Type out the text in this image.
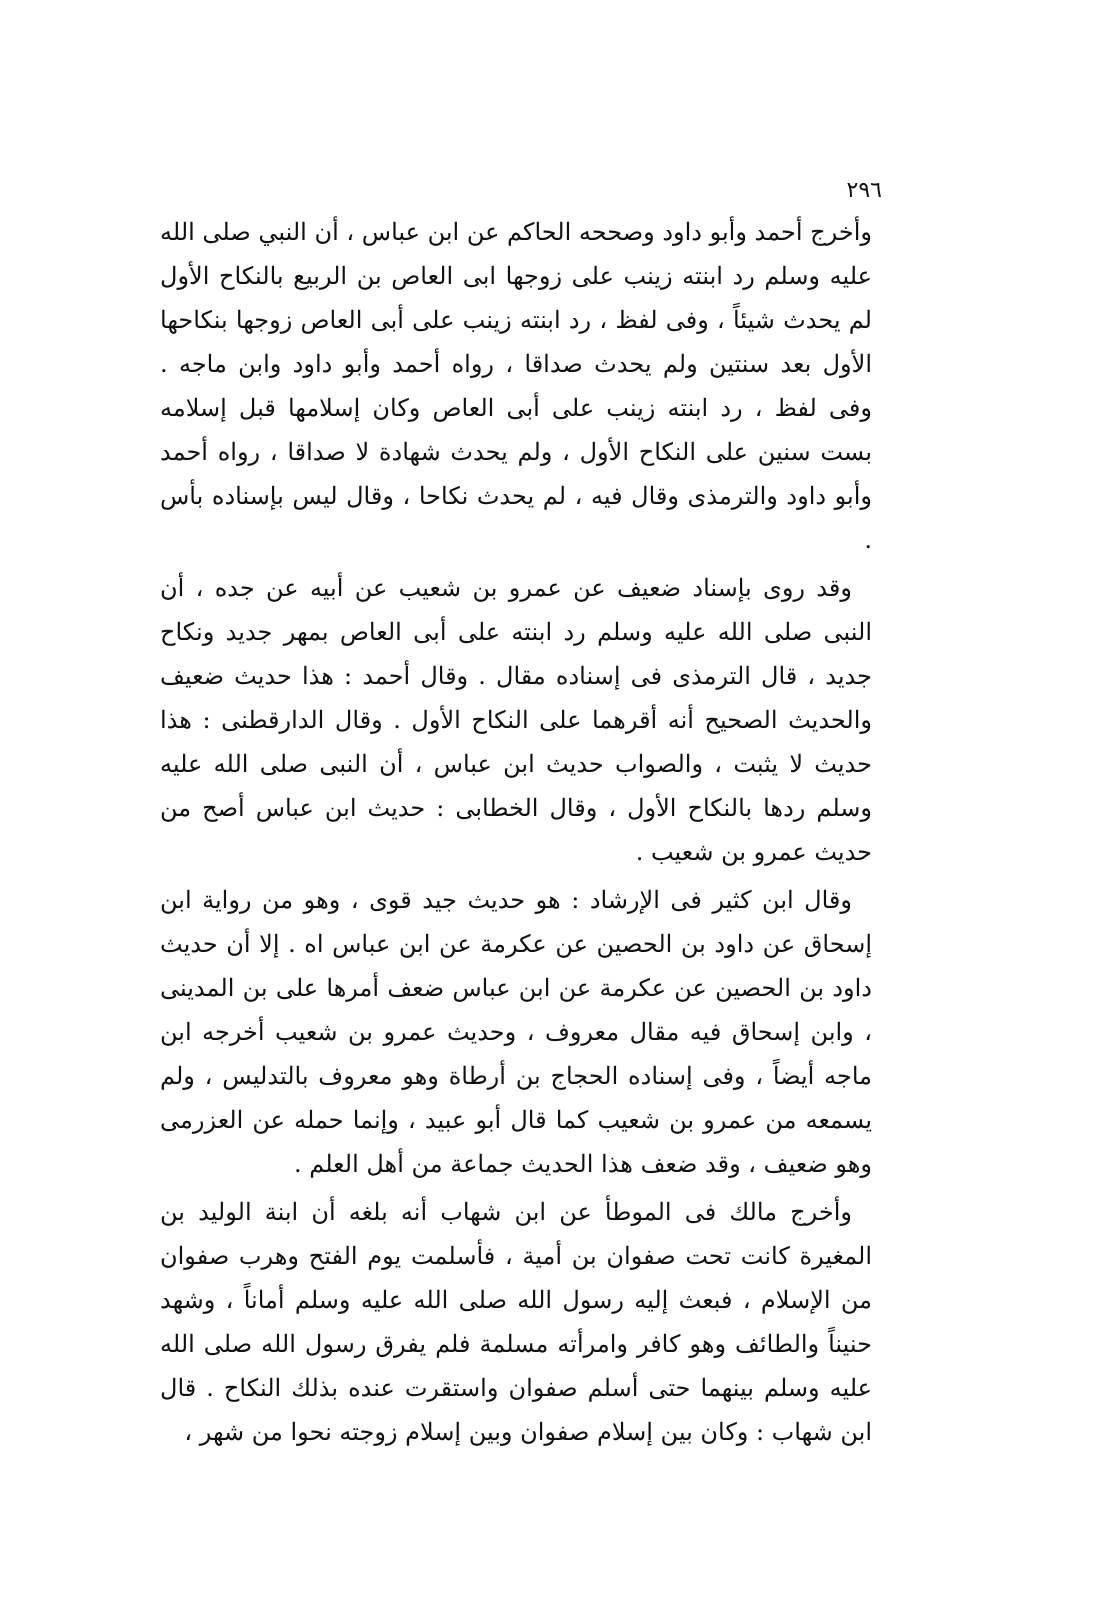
٢٩٦

وأخرج أحمد وأبو داود وصححه الحاكم عن ابن عباس ، أن النبي صلى الله عليه وسلم رد ابنته زينب على زوجها ابى العاص بن الربيع بالنكاح الأول لم يحدث شيئاً ، وفى لفظ ، رد ابنته زينب على أبى العاص زوجها بنكاحها الأول بعد سنتين ولم يحدث صداقا ، رواه أحمد وأبو داود وابن ماجه . وفى لفظ ، رد ابنته زينب على أبى العاص وكان إسلامها قبل إسلامه بست سنين على النكاح الأول ، ولم يحدث شهادة لا صداقا ، رواه أحمد وأبو داود والترمذى وقال فيه ، لم يحدث نكاحا ، وقال ليس بإسناده بأس .

وقد روى بإسناد ضعيف عن عمرو بن شعيب عن أبيه عن جده ، أن النبى صلى الله عليه وسلم رد ابنته على أبى العاص بمهر جديد ونكاح جديد ، قال الترمذى فى إسناده مقال . وقال أحمد : هذا حديث ضعيف والحديث الصحيح أنه أقرهما على النكاح الأول . وقال الدارقطنى : هذا حديث لا يثبت ، والصواب حديث ابن عباس ، أن النبى صلى الله عليه وسلم ردها بالنكاح الأول ، وقال الخطابى : حديث ابن عباس أصح من حديث عمرو بن شعيب .

وقال ابن كثير فى الإرشاد : هو حديث جيد قوى ، وهو من رواية ابن إسحاق عن داود بن الحصين عن عكرمة عن ابن عباس اه . إلا أن حديث داود بن الحصين عن عكرمة عن ابن عباس ضعف أمرها على بن المدينى ، وابن إسحاق فيه مقال معروف ، وحديث عمرو بن شعيب أخرجه ابن ماجه أيضاً ، وفى إسناده الحجاج بن أرطاة وهو معروف بالتدليس ، ولم يسمعه من عمرو بن شعيب كما قال أبو عبيد ، وإنما حمله عن العزرمى وهو ضعيف ، وقد ضعف هذا الحديث جماعة من أهل العلم .

وأخرج مالك فى الموطأ عن ابن شهاب أنه بلغه أن ابنة الوليد بن المغيرة كانت تحت صفوان بن أمية ، فأسلمت يوم الفتح وهرب صفوان من الإسلام ، فبعث إليه رسول الله صلى الله عليه وسلم أماناً ، وشهد حنيناً والطائف وهو كافر وامرأته مسلمة فلم يفرق رسول الله صلى الله عليه وسلم بينهما حتى أسلم صفوان واستقرت عنده بذلك النكاح . قال ابن شهاب : وكان بين إسلام صفوان وبين إسلام زوجته نحوا من شهر ،
